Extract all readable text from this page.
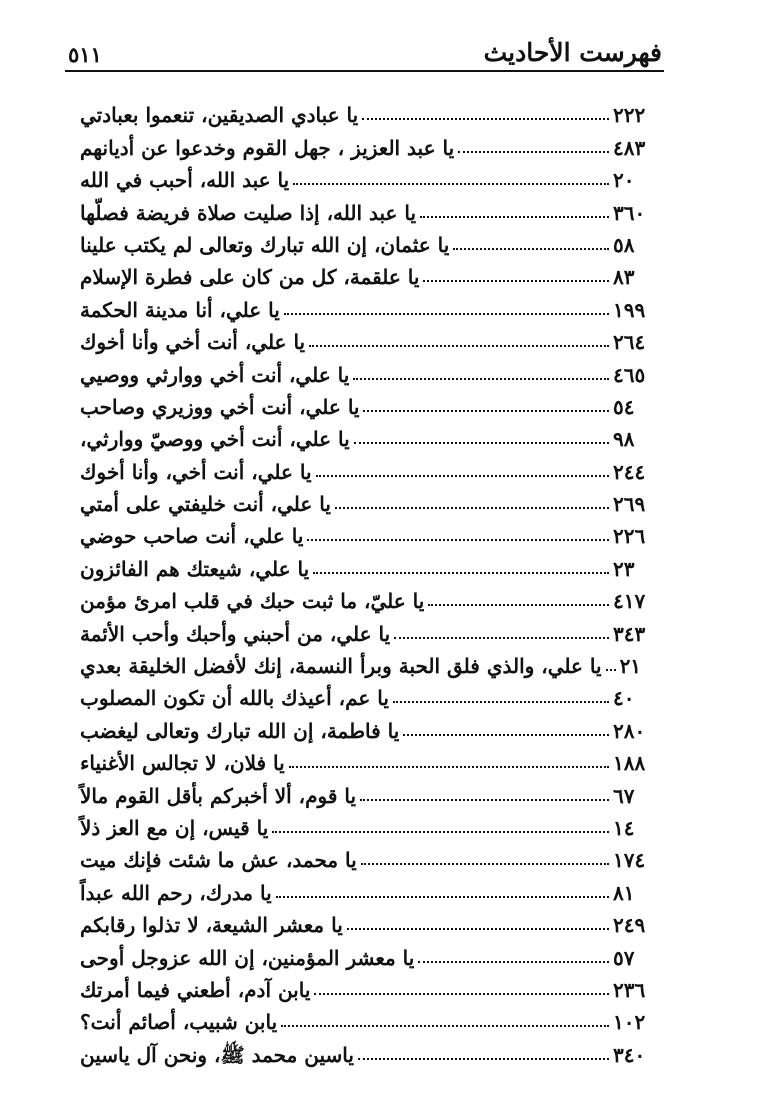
فهرست الأحاديث
٥١١
يا عبادي الصديقين، تنعموا بعبادتي	٢٢٢
يا عبد العزيز ، جهل القوم وخدعوا عن أديانهم	٤٨٣
يا عبد الله، أحبب في الله	٢٠
يا عبد الله، إذا صليت صلاة فريضة فصلّها	٣٦٠
يا عثمان، إن الله تبارك وتعالى لم يكتب علينا	٥٨
يا علقمة، كل من كان على فطرة الإسلام	٨٣
يا علي، أنا مدينة الحكمة	١٩٩
يا علي، أنت أخي وأنا أخوك	٢٦٤
يا علي، أنت أخي ووارثي ووصيي	٤٦٥
يا علي، أنت أخي ووزيري وصاحب	٥٤
يا علي، أنت أخي ووصيّ ووارثي،	٩٨
يا علي، أنت أخي، وأنا أخوك	٢٤٤
يا علي، أنت خليفتي على أمتي	٢٦٩
يا علي، أنت صاحب حوضي	٢٢٦
يا علي، شيعتك هم الفائزون	٢٣
يا عليّ، ما ثبت حبك في قلب امرئ مؤمن	٤١٧
يا علي، من أحبني وأحبك وأحب الأئمة	٣٤٣
يا علي، والذي فلق الحبة وبرأ النسمة، إنك لأفضل الخليقة بعدي ٢١
يا عم، أعيذك بالله أن تكون المصلوب	٤٠
يا فاطمة، إن الله تبارك وتعالى ليغضب	٢٨٠
يا فلان، لا تجالس الأغنياء	١٨٨
يا قوم، ألا أخبركم بأقل القوم مالاً	٦٧
يا قيس، إن مع العز ذلاً	١٤
يا محمد، عش ما شئت فإنك ميت	١٧٤
يا مدرك، رحم الله عبداً	٨١
يا معشر الشيعة، لا تذلوا رقابكم	٢٤٩
يا معشر المؤمنين، إن الله عزوجل أوحى	٥٧
يابن آدم، أطعني فيما أمرتك	٢٣٦
يابن شبيب، أصائم أنت؟	١٠٢
ياسين محمد ﷺ، ونحن آل ياسين	٣٤٠
